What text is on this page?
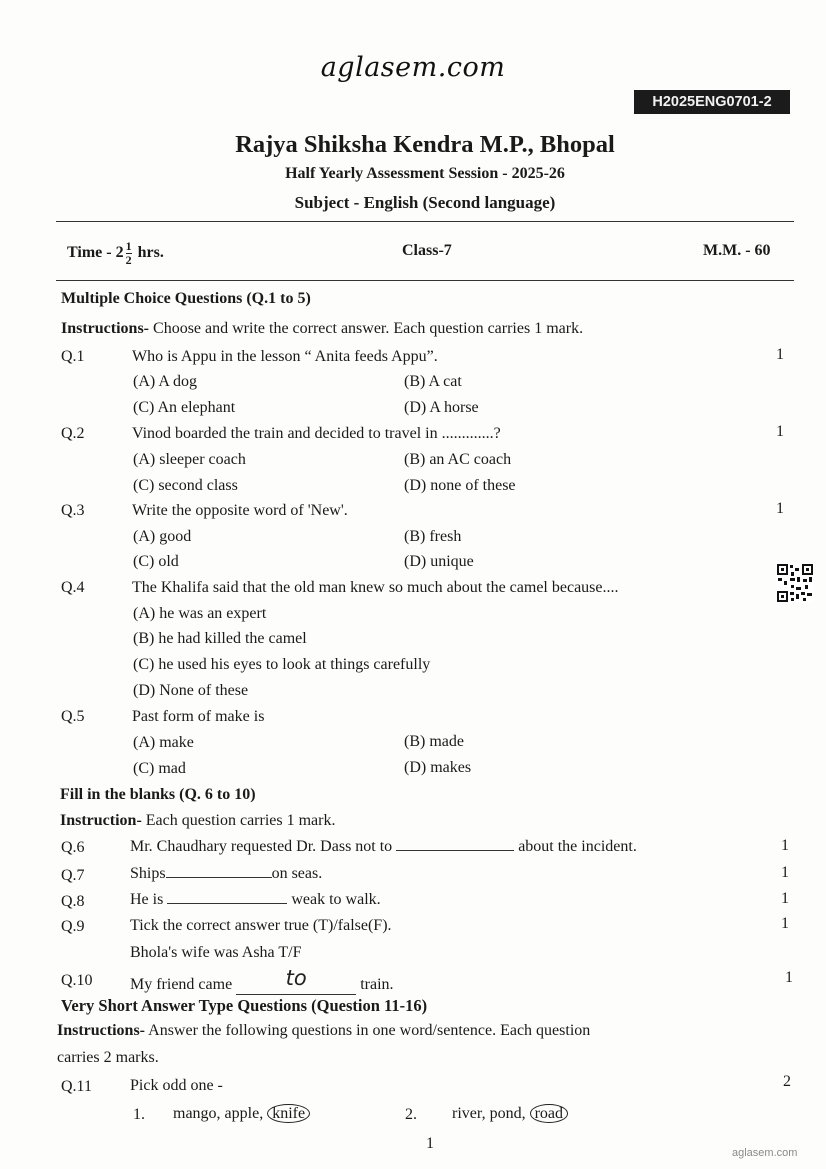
aglasem.com
H2025ENG0701-2
Rajya Shiksha Kendra M.P., Bhopal
Half Yearly Assessment Session - 2025-26
Subject - English (Second language)
Time - $2 \frac{1}{2}$ hrs.	Class-7	M.M. - 60
Multiple Choice Questions (Q.1 to 5)
Instructions- Choose and write the correct answer. Each question carries 1 mark.
Q.1	Who is Appu in the lesson “ Anita feeds Appu”.	1
(A) A dog	(B) A cat
(C) An elephant	(D) A horse
Q.2	Vinod boarded the train and decided to travel in .............?	1
(A) sleeper coach	(B) an AC coach
(C) second class	(D) none of these
Q.3	Write the opposite word of 'New'.	1
(A) good	(B) fresh
(C) old	(D) unique
Q.4	The Khalifa said that the old man knew so much about the camel because....
(A) he was an expert
(B) he had killed the camel
(C) he used his eyes to look at things carefully
(D) None of these
Q.5	Past form of make is
(A) make	(B) made
(C) mad	(D) makes
Fill in the blanks (Q. 6 to 10)
Instruction- Each question carries 1 mark.
Q.6	Mr. Chaudhary requested Dr. Dass not to	about the incident.	1
Q.7	Ships	on seas.	1
Q.8	He is	weak to walk.	1
Q.9	Tick the correct answer true (T)/false(F).	1
Bhola's wife was Asha T/F
Q.10 My friend came	to	train.	1
Very Short Answer Type Questions (Question 11-16)
Instructions- Answer the following questions in one word/sentence. Each question
carries 2 marks.
Q.11 Pick odd one -	2
1. mango, apple, knife	2. river, pond, road
1
aglasem.com
